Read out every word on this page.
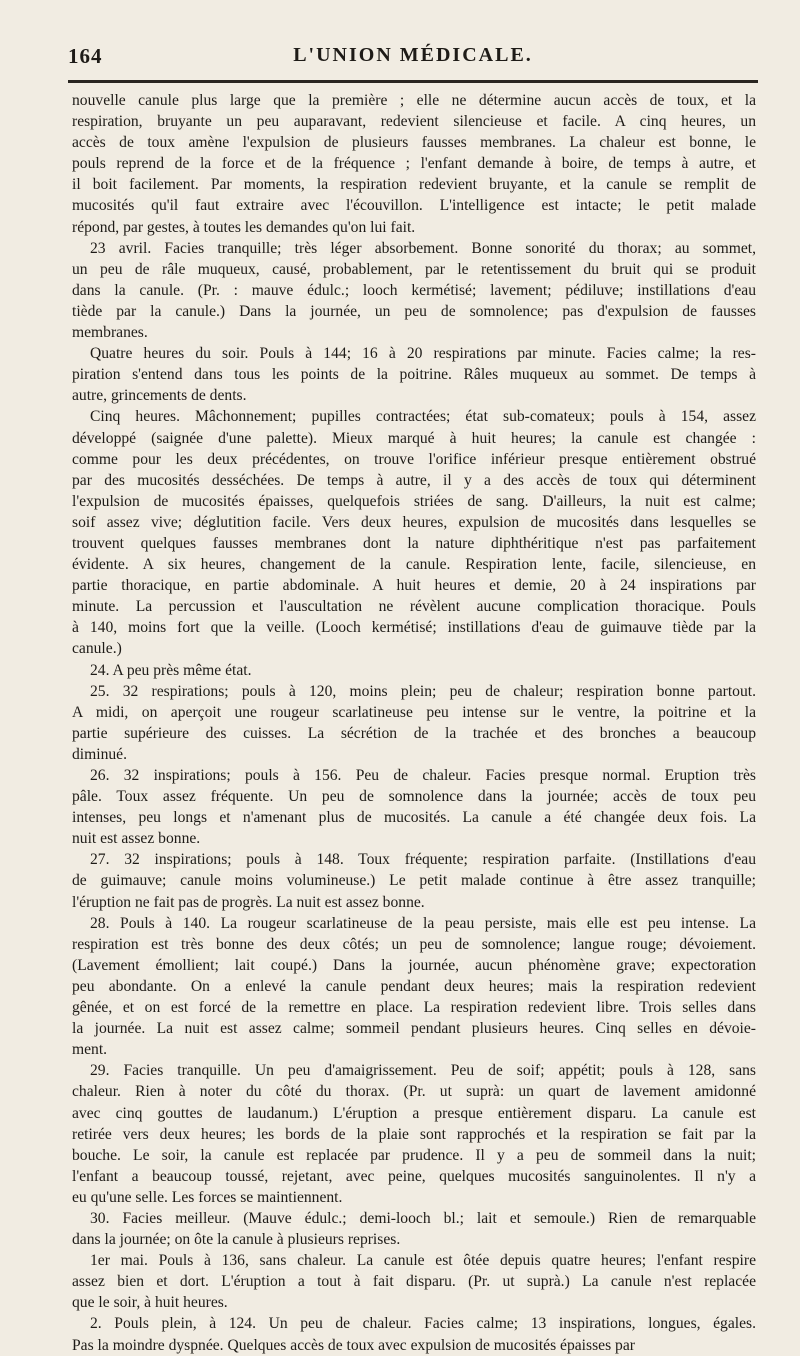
164	L'UNION MÉDICALE.

nouvelle canule plus large que la première ; elle ne détermine aucun accès de toux, et la
respiration, bruyante un peu auparavant, redevient silencieuse et facile. A cinq heures, un
accès de toux amène l'expulsion de plusieurs fausses membranes. La chaleur est bonne, le
pouls reprend de la force et de la fréquence ; l'enfant demande à boire, de temps à autre, et
il boit facilement. Par moments, la respiration redevient bruyante, et la canule se remplit de
mucosités qu'il faut extraire avec l'écouvillon. L'intelligence est intacte; le petit malade
répond, par gestes, à toutes les demandes qu'on lui fait.

23 avril. Facies tranquille; très léger absorbement. Bonne sonorité du thorax; au sommet,
un peu de râle muqueux, causé, probablement, par le retentissement du bruit qui se produit
dans la canule. (Pr. : mauve édulc.; looch kermétisé; lavement; pédiluve; instillations d'eau
tiède par la canule.) Dans la journée, un peu de somnolence; pas d'expulsion de fausses
membranes.

Quatre heures du soir. Pouls à 144; 16 à 20 respirations par minute. Facies calme; la res-
piration s'entend dans tous les points de la poitrine. Râles muqueux au sommet. De temps à
autre, grincements de dents.

Cinq heures. Mâchonnement; pupilles contractées; état sub-comateux; pouls à 154, assez
développé (saignée d'une palette). Mieux marqué à huit heures; la canule est changée :
comme pour les deux précédentes, on trouve l'orifice inférieur presque entièrement obstrué
par des mucosités desséchées. De temps à autre, il y a des accès de toux qui déterminent
l'expulsion de mucosités épaisses, quelquefois striées de sang. D'ailleurs, la nuit est calme;
soif assez vive; déglutition facile. Vers deux heures, expulsion de mucosités dans lesquelles se
trouvent quelques fausses membranes dont la nature diphthéritique n'est pas parfaitement
évidente. A six heures, changement de la canule. Respiration lente, facile, silencieuse, en
partie thoracique, en partie abdominale. A huit heures et demie, 20 à 24 inspirations par
minute. La percussion et l'auscultation ne révèlent aucune complication thoracique. Pouls
à 140, moins fort que la veille. (Looch kermétisé; instillations d'eau de guimauve tiède par la
canule.)

24. A peu près même état.

25. 32 respirations; pouls à 120, moins plein; peu de chaleur; respiration bonne partout.
A midi, on aperçoit une rougeur scarlatineuse peu intense sur le ventre, la poitrine et la
partie supérieure des cuisses. La sécrétion de la trachée et des bronches a beaucoup
diminué.

26. 32 inspirations; pouls à 156. Peu de chaleur. Facies presque normal. Eruption très
pâle. Toux assez fréquente. Un peu de somnolence dans la journée; accès de toux peu
intenses, peu longs et n'amenant plus de mucosités. La canule a été changée deux fois. La
nuit est assez bonne.

27. 32 inspirations; pouls à 148. Toux fréquente; respiration parfaite. (Instillations d'eau
de guimauve; canule moins volumineuse.) Le petit malade continue à être assez tranquille;
l'éruption ne fait pas de progrès. La nuit est assez bonne.

28. Pouls à 140. La rougeur scarlatineuse de la peau persiste, mais elle est peu intense. La
respiration est très bonne des deux côtés; un peu de somnolence; langue rouge; dévoiement.
(Lavement émollient; lait coupé.) Dans la journée, aucun phénomène grave; expectoration
peu abondante. On a enlevé la canule pendant deux heures; mais la respiration redevient
gênée, et on est forcé de la remettre en place. La respiration redevient libre. Trois selles dans
la journée. La nuit est assez calme; sommeil pendant plusieurs heures. Cinq selles en dévoie-
ment.

29. Facies tranquille. Un peu d'amaigrissement. Peu de soif; appétit; pouls à 128, sans
chaleur. Rien à noter du côté du thorax. (Pr. ut suprà: un quart de lavement amidonné
avec cinq gouttes de laudanum.) L'éruption a presque entièrement disparu. La canule est
retirée vers deux heures; les bords de la plaie sont rapprochés et la respiration se fait par la
bouche. Le soir, la canule est replacée par prudence. Il y a peu de sommeil dans la nuit;
l'enfant a beaucoup toussé, rejetant, avec peine, quelques mucosités sanguinolentes. Il n'y a
eu qu'une selle. Les forces se maintiennent.

30. Facies meilleur. (Mauve édulc.; demi-looch bl.; lait et semoule.) Rien de remarquable
dans la journée; on ôte la canule à plusieurs reprises.

1er mai. Pouls à 136, sans chaleur. La canule est ôtée depuis quatre heures; l'enfant respire
assez bien et dort. L'éruption a tout à fait disparu. (Pr. ut suprà.) La canule n'est replacée
que le soir, à huit heures.

2. Pouls plein, à 124. Un peu de chaleur. Facies calme; 13 inspirations, longues, égales.
Pas la moindre dyspnée. Quelques accès de toux avec expulsion de mucosités épaisses par
